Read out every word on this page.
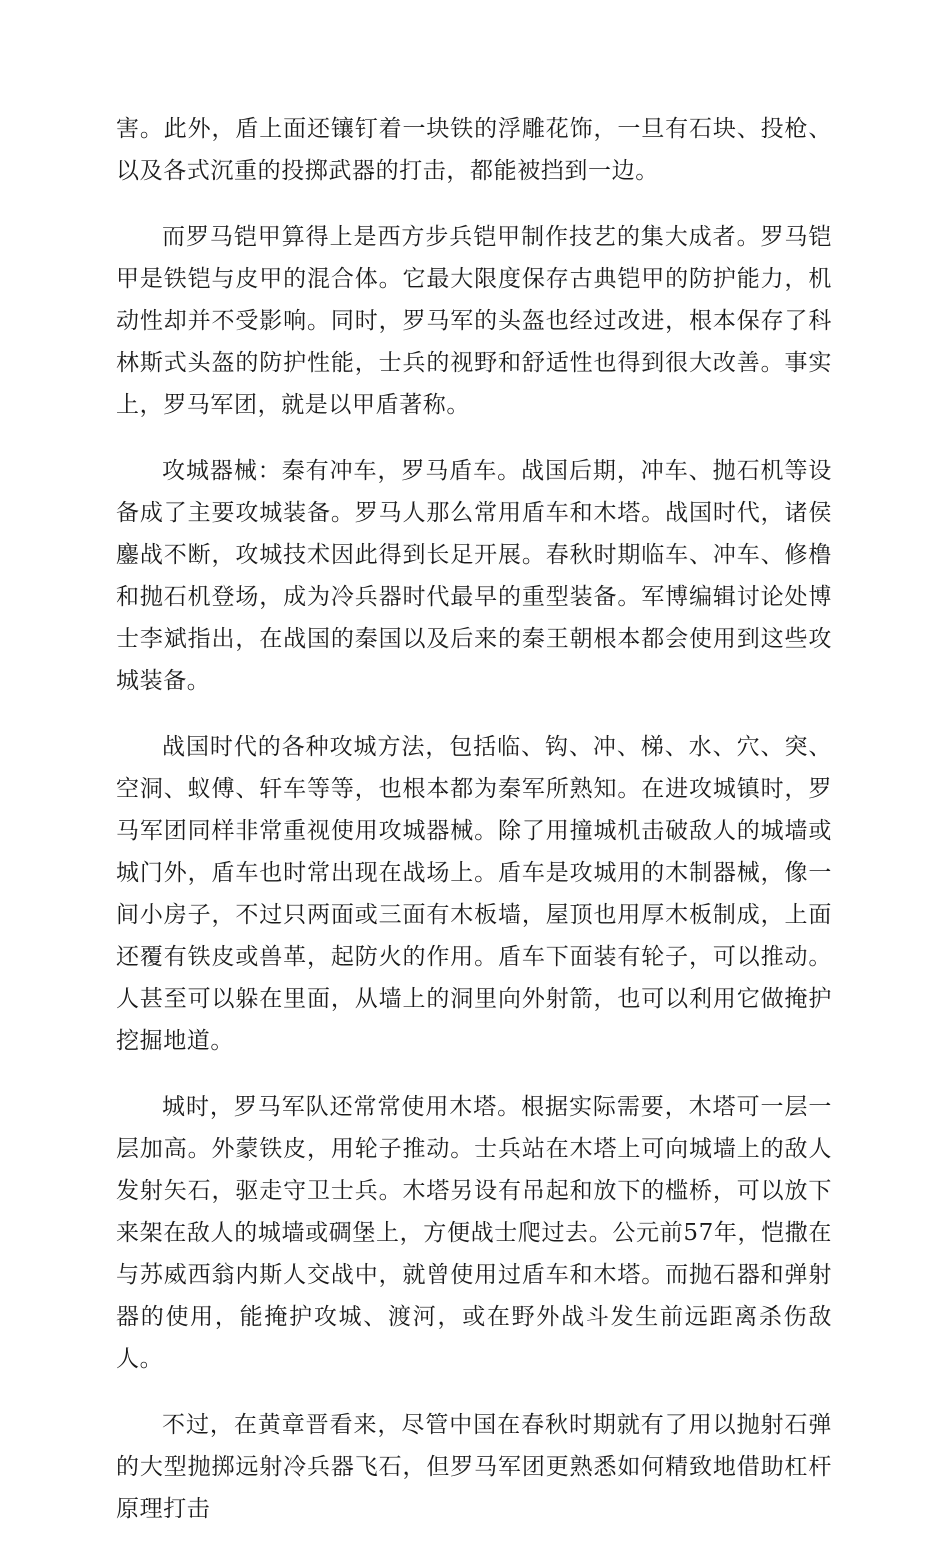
害。此外，盾上面还镶钉着一块铁的浮雕花饰，一旦有石块、投枪、以及各式沉重的投掷武器的打击，都能被挡到一边。

而罗马铠甲算得上是西方步兵铠甲制作技艺的集大成者。罗马铠甲是铁铠与皮甲的混合体。它最大限度保存古典铠甲的防护能力，机动性却并不受影响。同时，罗马军的头盔也经过改进，根本保存了科林斯式头盔的防护性能，士兵的视野和舒适性也得到很大改善。事实上，罗马军团，就是以甲盾著称。

攻城器械：秦有冲车，罗马盾车。战国后期，冲车、抛石机等设备成了主要攻城装备。罗马人那么常用盾车和木塔。战国时代，诸侯鏖战不断，攻城技术因此得到长足开展。春秋时期临车、冲车、修橹和抛石机登场，成为冷兵器时代最早的重型装备。军博编辑讨论处博士李斌指出，在战国的秦国以及后来的秦王朝根本都会使用到这些攻城装备。

战国时代的各种攻城方法，包括临、钩、冲、梯、水、穴、突、空洞、蚁傅、轩车等等，也根本都为秦军所熟知。在进攻城镇时，罗马军团同样非常重视使用攻城器械。除了用撞城机击破敌人的城墙或城门外，盾车也时常出现在战场上。盾车是攻城用的木制器械，像一间小房子，不过只两面或三面有木板墙，屋顶也用厚木板制成，上面还覆有铁皮或兽革，起防火的作用。盾车下面装有轮子，可以推动。人甚至可以躲在里面，从墙上的洞里向外射箭，也可以利用它做掩护挖掘地道。

城时，罗马军队还常常使用木塔。根据实际需要，木塔可一层一层加高。外蒙铁皮，用轮子推动。士兵站在木塔上可向城墙上的敌人发射矢石，驱走守卫士兵。木塔另设有吊起和放下的槛桥，可以放下来架在敌人的城墙或碉堡上，方便战士爬过去。公元前57年，恺撒在与苏威西翁内斯人交战中，就曾使用过盾车和木塔。而抛石器和弹射器的使用，能掩护攻城、渡河，或在野外战斗发生前远距离杀伤敌人。

不过，在黄章晋看来，尽管中国在春秋时期就有了用以抛射石弹的大型抛掷远射冷兵器飞石，但罗马军团更熟悉如何精致地借助杠杆原理打击
